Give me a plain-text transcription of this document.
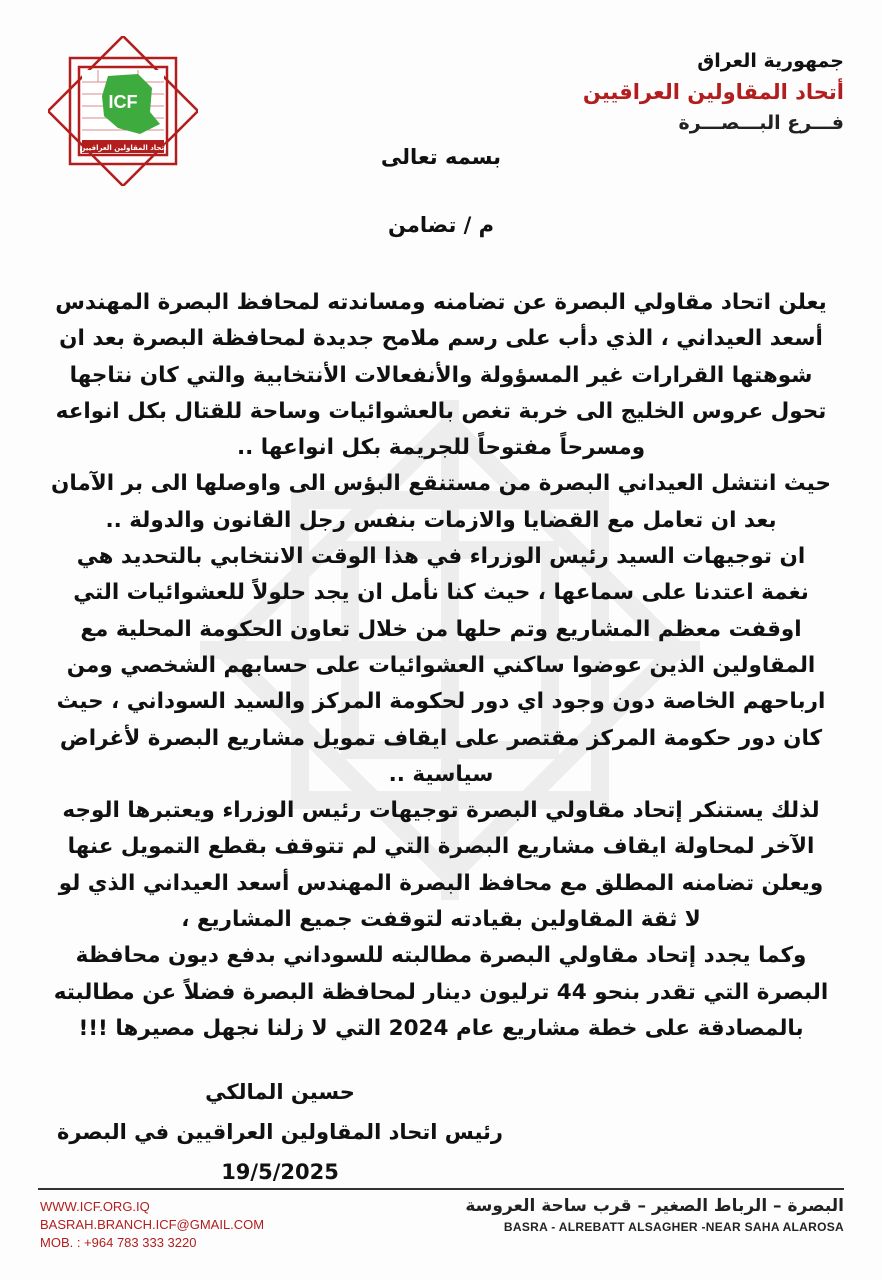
ICF
اتحاد المقاولين العراقيين
جمهورية العراق
أتحاد المقاولين العراقيين
فـــرع البـــصـــرة
بسمه تعالى
م / تضامن

يعلن اتحاد مقاولي البصرة عن تضامنه ومساندته لمحافظ البصرة المهندس

أسعد العيداني ، الذي دأب على رسم ملامح جديدة لمحافظة البصرة بعد ان

شوهتها القرارات غير المسؤولة والأنفعالات الأنتخابية والتي كان نتاجها

تحول عروس الخليج الى خربة تغص بالعشوائيات وساحة للقتال بكل انواعه

ومسرحاً مفتوحاً للجريمة بكل انواعها ..

حيث انتشل العيداني البصرة من مستنقع البؤس الى واوصلها الى بر الآمان

بعد ان تعامل مع القضايا والازمات بنفس رجل القانون والدولة ..

ان توجيهات السيد رئيس الوزراء في هذا الوقت الانتخابي بالتحديد هي

نغمة اعتدنا على سماعها ، حيث كنا نأمل ان يجد حلولاً للعشوائيات التي

اوقفت معظم المشاريع وتم حلها من خلال تعاون الحكومة المحلية مع

المقاولين الذين عوضوا ساكني العشوائيات على حسابهم الشخصي ومن

ارباحهم الخاصة دون وجود اي دور لحكومة المركز والسيد السوداني ، حيث

كان دور حكومة المركز مقتصر على ايقاف تمويل مشاريع البصرة لأغراض

سياسية ..

لذلك يستنكر إتحاد مقاولي البصرة توجيهات رئيس الوزراء ويعتبرها الوجه

الآخر لمحاولة ايقاف مشاريع البصرة التي لم تتوقف بقطع التمويل عنها

ويعلن تضامنه المطلق مع محافظ البصرة المهندس أسعد العيداني الذي لو

لا ثقة المقاولين بقيادته لتوقفت جميع المشاريع ،

وكما يجدد إتحاد مقاولي البصرة مطالبته للسوداني بدفع ديون محافظة

البصرة التي تقدر بنحو 44 ترليون دينار لمحافظة البصرة فضلاً عن مطالبته

بالمصادقة على خطة مشاريع عام 2024 التي لا زلنا نجهل مصيرها !!!

حسين المالكي
رئيس اتحاد المقاولين العراقيين في البصرة
19/5/2025
WWW.ICF.ORG.IQ
BASRAH.BRANCH.ICF@GMAIL.COM
MOB. : +964 783 333 3220
البصرة – الرباط الصغير – قرب ساحة العروسة
BASRA - ALREBATT ALSAGHER -NEAR SAHA ALAROSA
